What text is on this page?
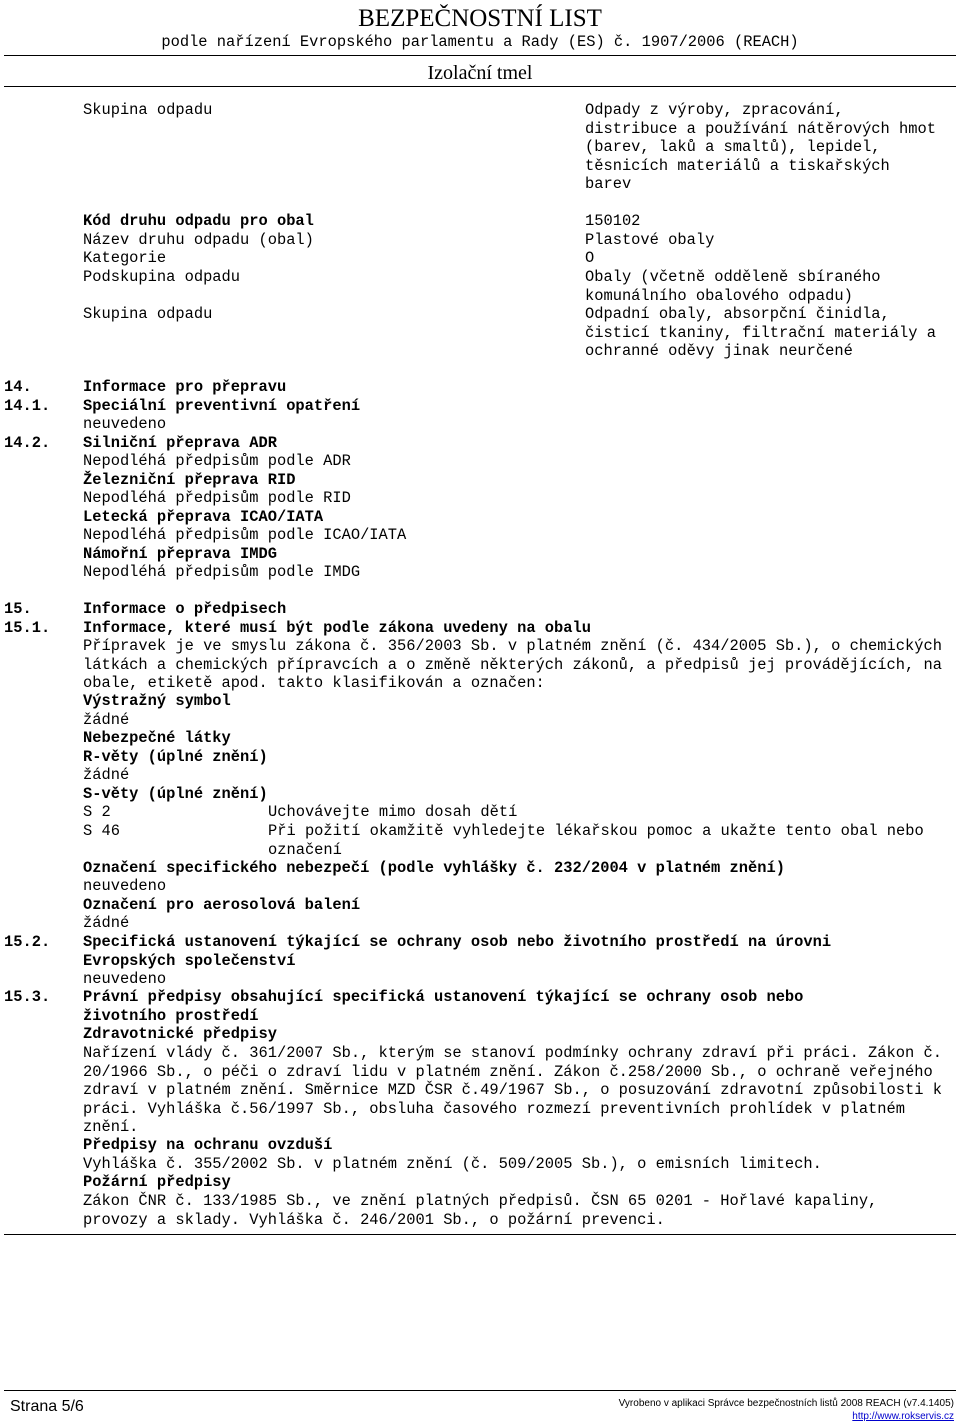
BEZPEČNOSTNÍ LIST
podle nařízení Evropského parlamentu a Rady (ES) č. 1907/2006 (REACH)
Izolační tmel
Skupina odpadu	Odpady z výroby, zpracování, distribuce a používání nátěrových hmot (barev, laků a smaltů), lepidel, těsnicích materiálů a tiskařských barev
Kód druhu odpadu pro obal	150102
Název druhu odpadu (obal)	Plastové obaly
Kategorie	O
Podskupina odpadu	Obaly (včetně odděleně sbíraného komunálního obalového odpadu)
Skupina odpadu	Odpadní obaly, absorpční činidla, čisticí tkaniny, filtrační materiály a ochranné oděvy jinak neurčené
14.	Informace pro přepravu
14.1. Speciální preventivní opatření
neuvedeno
14.2. Silniční přeprava ADR
Nepodléhá předpisům podle ADR
Železniční přeprava RID
Nepodléhá předpisům podle RID
Letecká přeprava ICAO/IATA
Nepodléhá předpisům podle ICAO/IATA
Námořní přeprava IMDG
Nepodléhá předpisům podle IMDG
15.	Informace o předpisech
15.1. Informace, které musí být podle zákona uvedeny na obalu
Přípravek je ve smyslu zákona č. 356/2003 Sb. v platném znění (č. 434/2005 Sb.), o chemických látkách a chemických přípravcích a o změně některých zákonů, a předpisů jej provádějících, na obale, etiketě apod. takto klasifikován a označen:
Výstražný symbol
žádné
Nebezpečné látky
R-věty (úplné znění)
žádné
S-věty (úplné znění)
S 2	Uchovávejte mimo dosah dětí
S 46	Při požití okamžitě vyhledejte lékařskou pomoc a ukažte tento obal nebo označení
Označení specifického nebezpečí (podle vyhlášky č. 232/2004 v platném znění)
neuvedeno
Označení pro aerosolová balení
žádné
15.2. Specifická ustanovení týkající se ochrany osob nebo životního prostředí na úrovni Evropských společenství
neuvedeno
15.3. Právní předpisy obsahující specifická ustanovení týkající se ochrany osob nebo životního prostředí
Zdravotnické předpisy
Nařízení vlády č. 361/2007 Sb., kterým se stanoví podmínky ochrany zdraví při práci. Zákon č. 20/1966 Sb., o péči o zdraví lidu v platném znění. Zákon č.258/2000 Sb., o ochraně veřejného zdraví v platném znění. Směrnice MZD ČSR č.49/1967 Sb., o posuzování zdravotní způsobilosti k práci. Vyhláška č.56/1997 Sb., obsluha časového rozmezí preventivních prohlídek v platném znění.
Předpisy na ochranu ovzduší
Vyhláška č. 355/2002 Sb. v platném znění (č. 509/2005 Sb.), o emisních limitech.
Požární předpisy
Zákon ČNR č. 133/1985 Sb., ve znění platných předpisů. ČSN 65 0201 - Hořlavé kapaliny, provozy a sklady. Vyhláška č. 246/2001 Sb., o požární prevenci.
Strana 5/6	Vyrobeno v aplikaci Správce bezpečnostních listů 2008 REACH (v7.4.1405)
http://www.rokservis.cz
